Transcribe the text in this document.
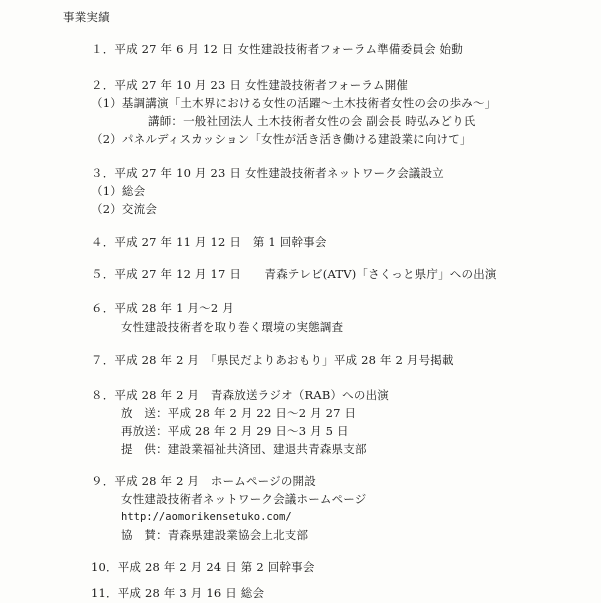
事業実績
１．平成 27 年 6 月 12 日 女性建設技術者フォーラム準備委員会 始動
２．平成 27 年 10 月 23 日 女性建設技術者フォーラム開催
（1）基調講演「土木界における女性の活躍～土木技術者女性の会の歩み～」
講師：一般社団法人 土木技術者女性の会 副会長 時弘みどり氏
（2）パネルディスカッション「女性が活き活き働ける建設業に向けて」
３．平成 27 年 10 月 23 日 女性建設技術者ネットワーク会議設立
（1）総会
（2）交流会
４．平成 27 年 11 月 12 日　第 1 回幹事会
５．平成 27 年 12 月 17 日　　青森テレビ(ATV)「さくっと県庁」への出演
６．平成 28 年 1 月～2 月
女性建設技術者を取り巻く環境の実態調査
７．平成 28 年 2 月　「県民だよりあおもり」平成 28 年 2 月号掲載
８．平成 28 年 2 月　青森放送ラジオ（RAB）への出演
放　送：平成 28 年 2 月 22 日～2 月 27 日
再放送：平成 28 年 2 月 29 日～3 月 5 日
提　供：建設業福祉共済団、建退共青森県支部
９．平成 28 年 2 月　ホームページの開設
女性建設技術者ネットワーク会議ホームページ
http://aomorikensetuko.com/
協　賛：青森県建設業協会上北支部
10．平成 28 年 2 月 24 日 第 2 回幹事会
11．平成 28 年 3 月 16 日 総会
